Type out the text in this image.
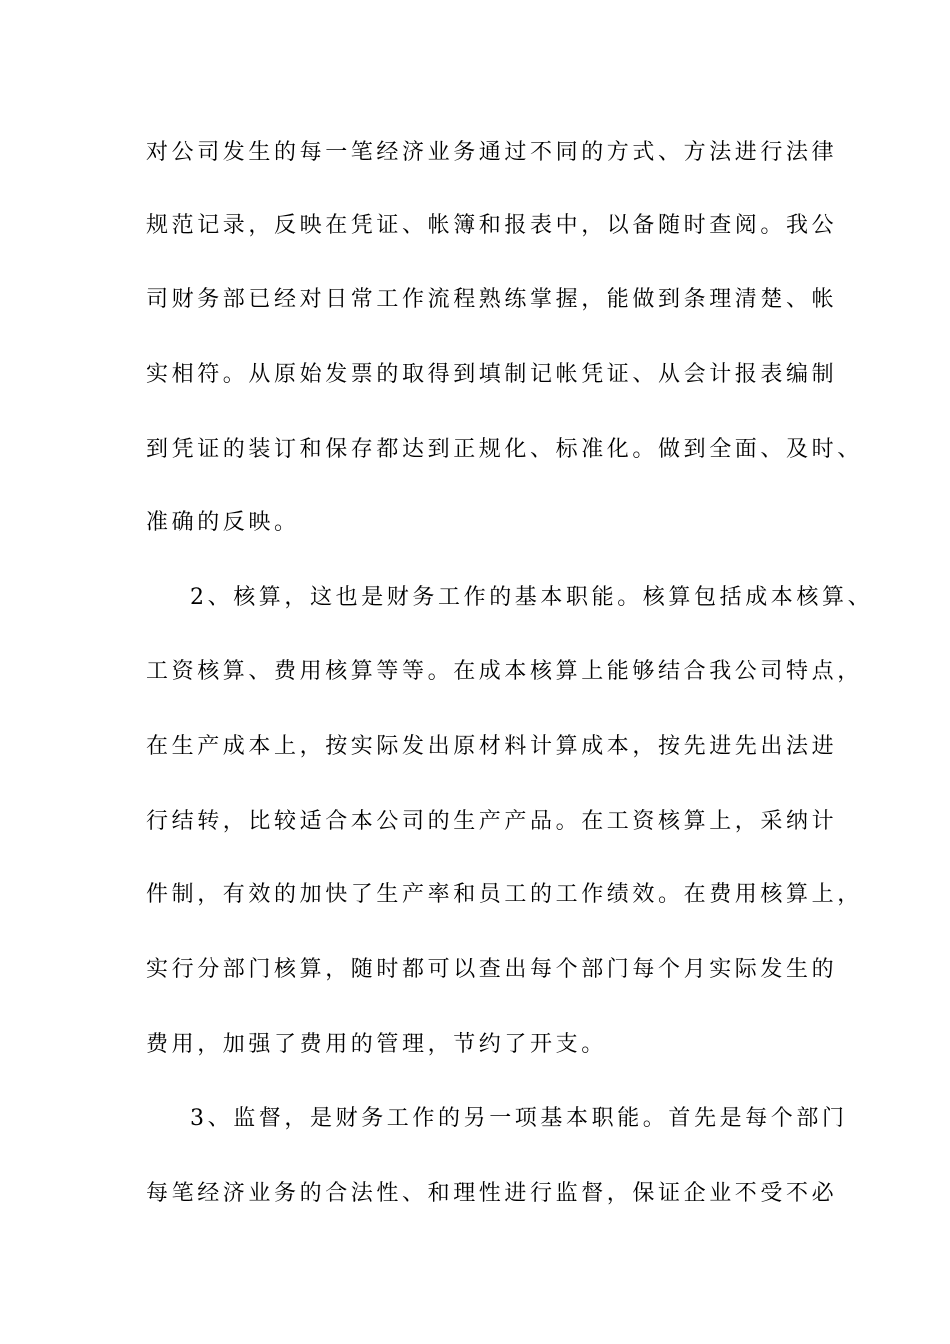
对公司发生的每一笔经济业务通过不同的方式、方法进行法律
规范记录，反映在凭证、帐簿和报表中，以备随时查阅。我公
司财务部已经对日常工作流程熟练掌握，能做到条理清楚、帐
实相符。从原始发票的取得到填制记帐凭证、从会计报表编制
到凭证的装订和保存都达到正规化、标准化。做到全面、及时、
准确的反映。
2、核算，这也是财务工作的基本职能。核算包括成本核算、
工资核算、费用核算等等。在成本核算上能够结合我公司特点，
在生产成本上，按实际发出原材料计算成本，按先进先出法进
行结转，比较适合本公司的生产产品。在工资核算上，采纳计
件制，有效的加快了生产率和员工的工作绩效。在费用核算上，
实行分部门核算，随时都可以查出每个部门每个月实际发生的
费用，加强了费用的管理，节约了开支。
3、监督，是财务工作的另一项基本职能。首先是每个部门
每笔经济业务的合法性、和理性进行监督，保证企业不受不必
